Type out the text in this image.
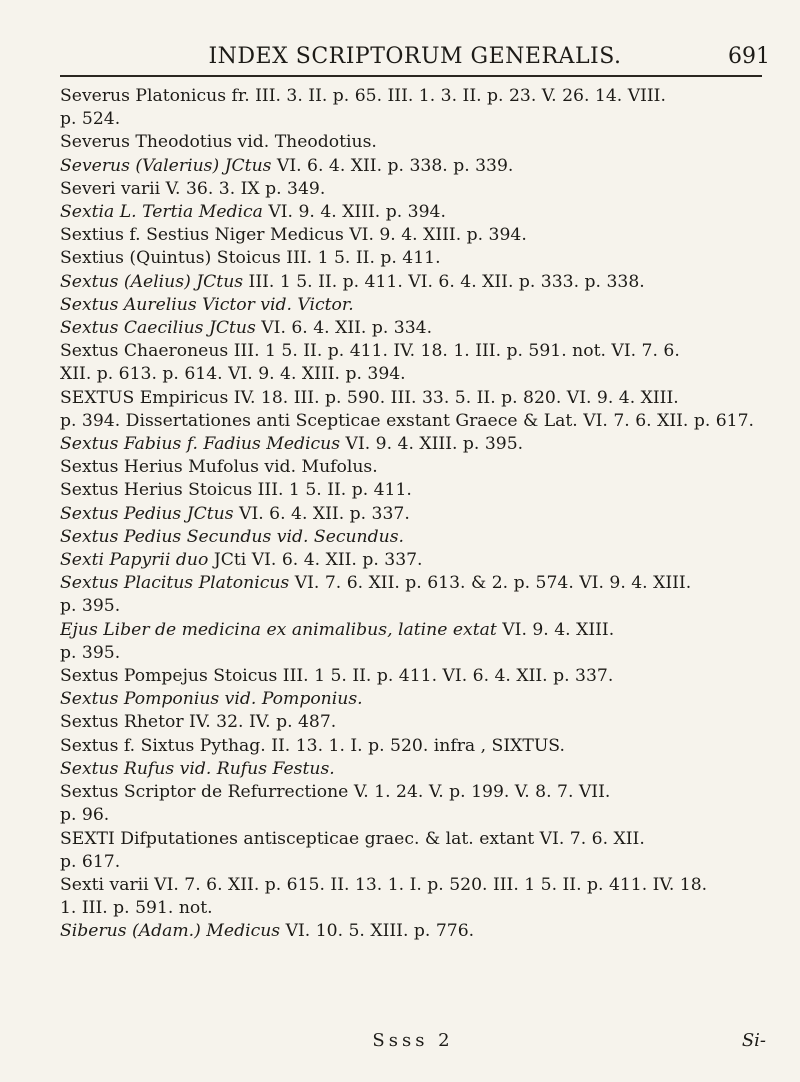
INDEX SCRIPTORUM GENERALIS.	691

Severus Platonicus fr. III. 3. II. p. 65. III. 1. 3. II. p. 23. V. 26. 14. VIII.
p. 524.

Severus Theodotius vid. Theodotius.

Severus (Valerius) JCtus VI. 6. 4. XII. p. 338. p. 339.

Severi varii V. 36. 3. IX p. 349.

Sextia L. Tertia Medica VI. 9. 4. XIII. p. 394.

Sextius f. Sestius Niger Medicus VI. 9. 4. XIII. p. 394.

Sextius (Quintus) Stoicus III. 1 5. II. p. 411.

Sextus (Aelius) JCtus III. 1 5. II. p. 411. VI. 6. 4. XII. p. 333. p. 338.

Sextus Aurelius Victor vid. Victor.

Sextus Caecilius JCtus VI. 6. 4. XII. p. 334.

Sextus Chaeroneus III. 1 5. II. p. 411. IV. 18. 1. III. p. 591. not. VI. 7. 6.
XII. p. 613. p. 614. VI. 9. 4. XIII. p. 394.

SEXTUS Empiricus IV. 18. III. p. 590. III. 33. 5. II. p. 820. VI. 9. 4. XIII.
p. 394. Dissertationes anti Scepticae exstant Graece & Lat. VI. 7. 6. XII. p. 617.

Sextus Fabius f. Fadius Medicus VI. 9. 4. XIII. p. 395.

Sextus Herius Mufolus vid. Mufolus.

Sextus Herius Stoicus III. 1 5. II. p. 411.

Sextus Pedius JCtus VI. 6. 4. XII. p. 337.

Sextus Pedius Secundus vid. Secundus.

Sexti Papyrii duo JCti VI. 6. 4. XII. p. 337.

Sextus Placitus Platonicus VI. 7. 6. XII. p. 613. & 2. p. 574. VI. 9. 4. XIII.
p. 395.

Ejus Liber de medicina ex animalibus, latine extat VI. 9. 4. XIII.
p. 395.

Sextus Pompejus Stoicus III. 1 5. II. p. 411. VI. 6. 4. XII. p. 337.

Sextus Pomponius vid. Pomponius.

Sextus Rhetor IV. 32. IV. p. 487.

Sextus f. Sixtus Pythag. II. 13. 1. I. p. 520. infra , SIXTUS.

Sextus Rufus vid. Rufus Festus.

Sextus Scriptor de Refurrectione V. 1. 24. V. p. 199. V. 8. 7. VII.
p. 96.

SEXTI Difputationes antiscepticae graec. & lat. extant VI. 7. 6. XII.
p. 617.

Sexti varii VI. 7. 6. XII. p. 615. II. 13. 1. I. p. 520. III. 1 5. II. p. 411. IV. 18.
1. III. p. 591. not.

Siberus (Adam.) Medicus VI. 10. 5. XIII. p. 776.

Ssss 2	Si-
